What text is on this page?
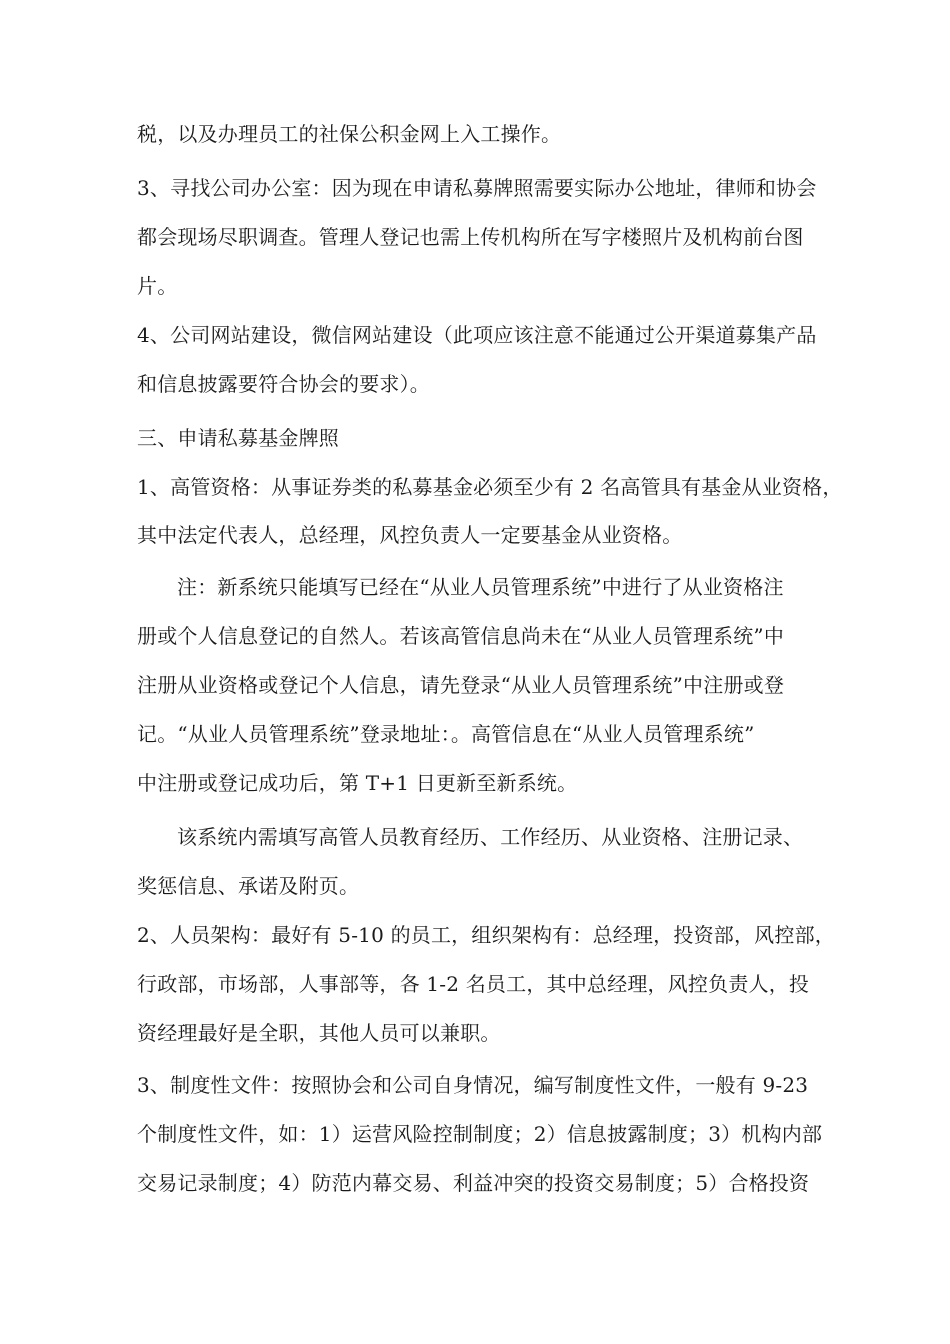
税，以及办理员工的社保公积金网上入工操作。
3、寻找公司办公室：因为现在申请私募牌照需要实际办公地址，律师和协会
都会现场尽职调查。管理人登记也需上传机构所在写字楼照片及机构前台图
片。
4、公司网站建设，微信网站建设（此项应该注意不能通过公开渠道募集产品
和信息披露要符合协会的要求）。
三、申请私募基金牌照
1、高管资格：从事证券类的私募基金必须至少有 2 名高管具有基金从业资格，
其中法定代表人，总经理，风控负责人一定要基金从业资格。
注：新系统只能填写已经在“从业人员管理系统”中进行了从业资格注
册或个人信息登记的自然人。若该高管信息尚未在“从业人员管理系统”中
注册从业资格或登记个人信息，请先登录“从业人员管理系统”中注册或登
记。“从业人员管理系统”登录地址：。高管信息在“从业人员管理系统”
中注册或登记成功后，第 T+1 日更新至新系统。
该系统内需填写高管人员教育经历、工作经历、从业资格、注册记录、
奖惩信息、承诺及附页。
2、人员架构：最好有 5-10 的员工，组织架构有：总经理，投资部，风控部，
行政部，市场部，人事部等，各 1-2 名员工，其中总经理，风控负责人，投
资经理最好是全职，其他人员可以兼职。
3、制度性文件：按照协会和公司自身情况，编写制度性文件，一般有 9-23
个制度性文件，如：1）运营风险控制制度；2）信息披露制度；3）机构内部
交易记录制度；4）防范内幕交易、利益冲突的投资交易制度；5）合格投资
